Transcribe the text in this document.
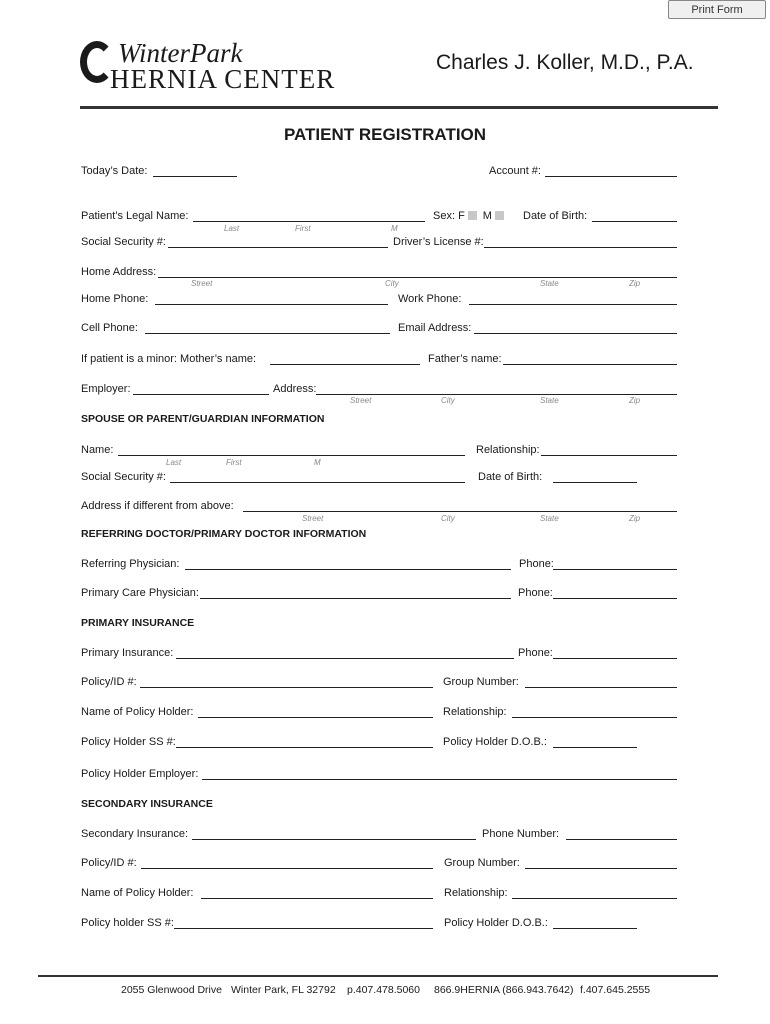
Print Form
WinterPark
HERNIA CENTER
Charles J. Koller, M.D., P.A.
PATIENT REGISTRATION
Today’s Date:	Account #:
Patient’s Legal Name:	Sex: F M	Date of Birth:
Last	First	M
Social Security #:	Driver’s License #:
Home Address:
Street	City	State	Zip
Home Phone:	Work Phone:
Cell Phone:	Email Address:
If patient is a minor: Mother’s name:	Father’s name:
Employer:	Address:
Street	City	State	Zip
SPOUSE OR PARENT/GUARDIAN INFORMATION
Name:	Relationship:
Last	First	M
Social Security #:	Date of Birth:
Address if different from above:
Street	City	State	Zip
REFERRING DOCTOR/PRIMARY DOCTOR INFORMATION
Referring Physician:	Phone:
Primary Care Physician:	Phone:
PRIMARY INSURANCE
Primary Insurance:	Phone:
Policy/ID #:	Group Number:
Name of Policy Holder:	Relationship:
Policy Holder SS #:	Policy Holder D.O.B.:
Policy Holder Employer:
SECONDARY INSURANCE
Secondary Insurance:	Phone Number:
Policy/ID #:	Group Number:
Name of Policy Holder:	Relationship:
Policy holder SS #:	Policy Holder D.O.B.:
2055 Glenwood Drive Winter Park, FL 32792 p.407.478.5060 866.9HERNIA (866.943.7642) f.407.645.2555
